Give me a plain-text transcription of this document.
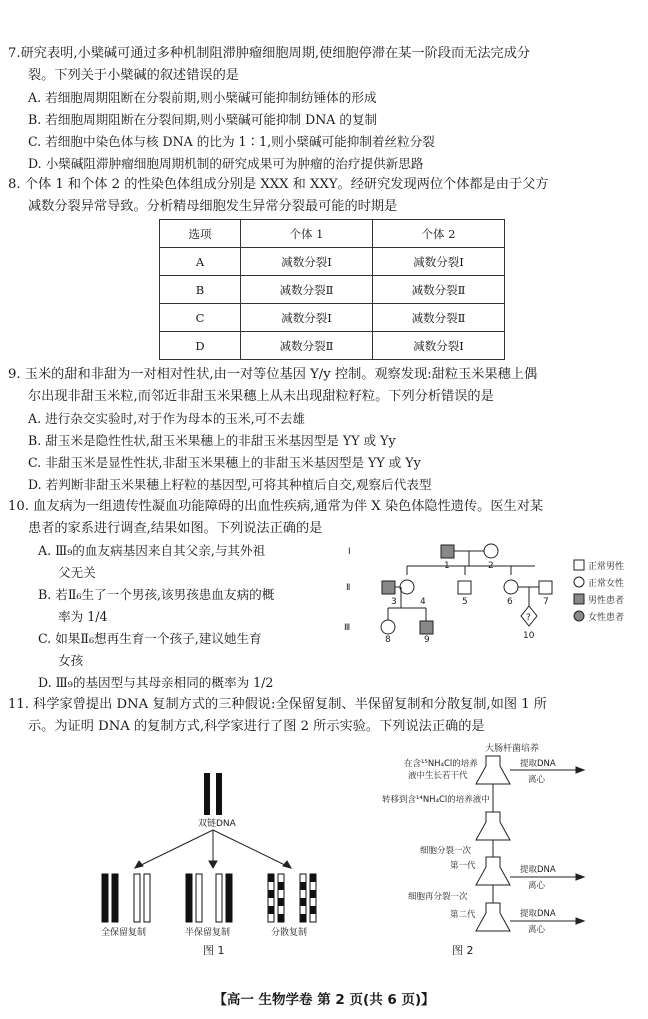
7.研究表明,小檗碱可通过多种机制阻滞肿瘤细胞周期,使细胞停滞在某一阶段而无法完成分
裂。下列关于小檗碱的叙述错误的是
A. 若细胞周期阻断在分裂前期,则小檗碱可能抑制纺锤体的形成
B. 若细胞周期阻断在分裂间期,则小檗碱可能抑制 DNA 的复制
C. 若细胞中染色体与核 DNA 的比为 1∶1,则小檗碱可能抑制着丝粒分裂
D. 小檗碱阻滞肿瘤细胞周期机制的研究成果可为肿瘤的治疗提供新思路
8. 个体 1 和个体 2 的性染色体组成分别是 XXX 和 XXY。经研究发现两位个体都是由于父方
减数分裂异常导致。分析精母细胞发生异常分裂最可能的时期是
选项	个体 1	个体 2
A	减数分裂Ⅰ	减数分裂Ⅰ
B	减数分裂Ⅱ	减数分裂Ⅱ
C	减数分裂Ⅰ	减数分裂Ⅱ
D	减数分裂Ⅱ	减数分裂Ⅰ
9. 玉米的甜和非甜为一对相对性状,由一对等位基因 Y/y 控制。观察发现:甜粒玉米果穗上偶
尔出现非甜玉米粒,而邻近非甜玉米果穗上从未出现甜粒籽粒。下列分析错误的是
A. 进行杂交实验时,对于作为母本的玉米,可不去雄
B. 甜玉米是隐性性状,甜玉米果穗上的非甜玉米基因型是 YY 或 Yy
C. 非甜玉米是显性性状,非甜玉米果穗上的非甜玉米基因型是 YY 或 Yy
D. 若判断非甜玉米果穗上籽粒的基因型,可将其种植后自交,观察后代表型
10. 血友病为一组遗传性凝血功能障碍的出血性疾病,通常为伴 X 染色体隐性遗传。医生对某
患者的家系进行调查,结果如图。下列说法正确的是
A. Ⅲ₉的血友病基因来自其父亲,与其外祖
父无关
B. 若Ⅱ₆生了一个男孩,该男孩患血友病的概
率为 1/4
C. 如果Ⅱ₆想再生育一个孩子,建议她生育
女孩
D. Ⅲ₉的基因型与其母亲相同的概率为 1/2
Ⅰ
Ⅱ
Ⅲ
1	2
3	4	5	6	7
8	9	10
?
正常男性
正常女性
男性患者
女性患者
11. 科学家曾提出 DNA 复制方式的三种假说:全保留复制、半保留复制和分散复制,如图 1 所
示。为证明 DNA 的复制方式,科学家进行了图 2 所示实验。下列说法正确的是
双链DNA
全保留复制	半保留复制	分散复制
图 1
大肠杆菌培养
在含¹⁵NH₄Cl的培养
液中生长若干代
转移到含¹⁴NH₄Cl的培养液中
细胞分裂一次
第一代
细胞再分裂一次
第二代
提取DNA
离心
提取DNA
离心
提取DNA
离心
图 2
【高一 生物学卷 第 2 页(共 6 页)】
